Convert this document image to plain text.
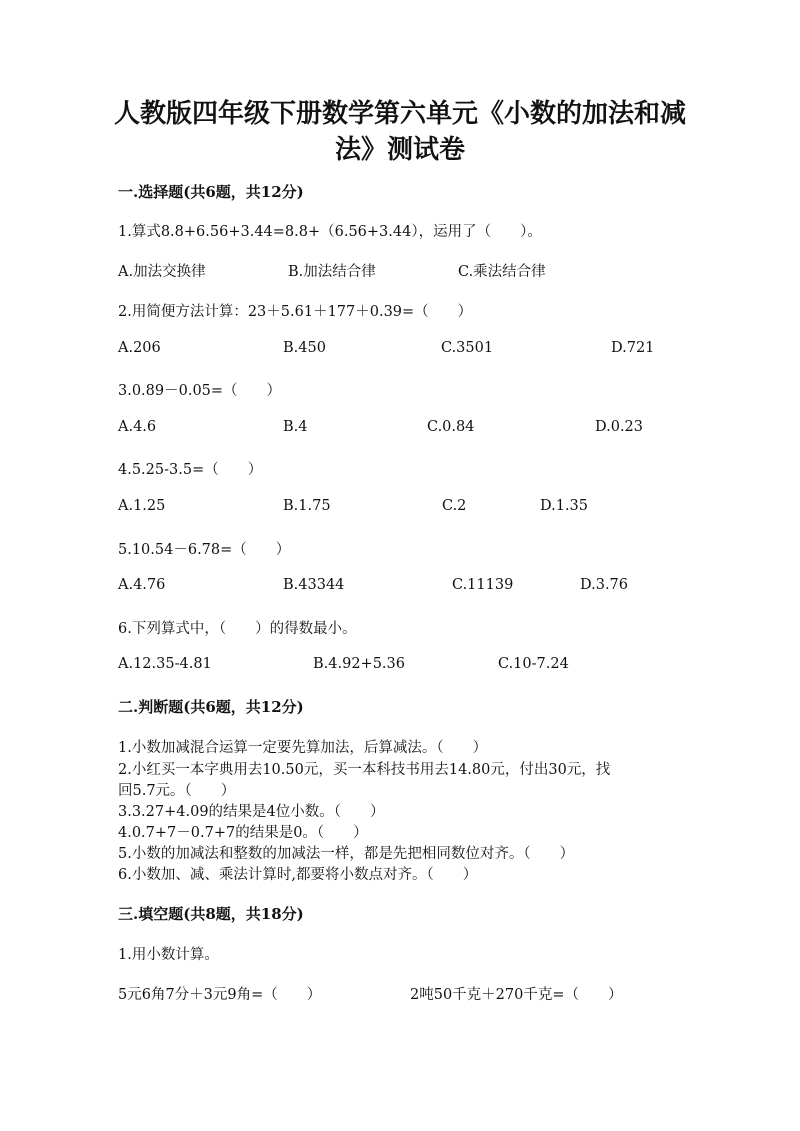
人教版四年级下册数学第六单元《小数的加法和减
法》测试卷
一.选择题(共6题，共12分)
1.算式8.8+6.56+3.44=8.8+（6.56+3.44），运用了（　　）。
A.加法交换律	B.加法结合律	C.乘法结合律
2.用简便方法计算：23＋5.61＋177＋0.39=（　　）
A.206	B.450	C.3501	D.721
3.0.89－0.05=（　　）
A.4.6	B.4	C.0.84	D.0.23
4.5.25-3.5=（　　）
A.1.25	B.1.75	C.2	D.1.35
5.10.54－6.78=（　　）
A.4.76	B.43344	C.11139	D.3.76
6.下列算式中，（　　）的得数最小。
A.12.35-4.81	B.4.92+5.36	C.10-7.24
二.判断题(共6题，共12分)
1.小数加减混合运算一定要先算加法，后算减法。（　　）
2.小红买一本字典用去10.50元，买一本科技书用去14.80元，付出30元，找
回5.7元。（　　）
3.3.27+4.09的结果是4位小数。（　　）
4.0.7+7－0.7+7的结果是0。（　　）
5.小数的加减法和整数的加减法一样，都是先把相同数位对齐。（　　）
6.小数加、减、乘法计算时,都要将小数点对齐。（　　）
三.填空题(共8题，共18分)
1.用小数计算。
5元6角7分＋3元9角=（　　）	2吨50千克＋270千克=（　　）
